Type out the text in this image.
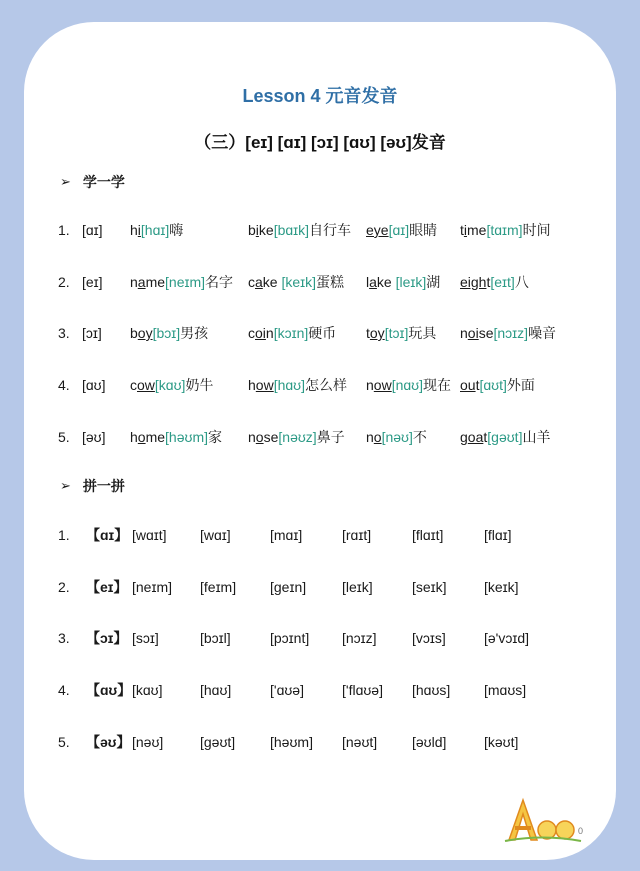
Lesson 4 元音发音
（三）[eɪ] [ɑɪ] [ɔɪ] [ɑʊ] [əʊ]发音
➢ 学一学
1. [ɑɪ] hi[hɑɪ]嗨	bike[bɑɪk]自行车 eye[ɑɪ]眼睛 time[tɑɪm]时间
2. [eɪ] name[neɪm]名字 cake [keɪk]蛋糕 lake [leɪk]湖 eight[eɪt]八
3. [ɔɪ] boy[bɔɪ]男孩	coin[kɔɪn]硬币 toy[tɔɪ]玩具 noise[nɔɪz]噪音
4. [ɑʊ] cow[kɑʊ]奶牛 how[hɑʊ]怎么样 now[nɑʊ]现在 out[ɑʊt]外面
5. [əʊ] home[həʊm]家 nose[nəʊz]鼻子 no[nəʊ]不 goat[gəʊt]山羊
➢ 拼一拼
1. 【ɑɪ】 [wɑɪt] [wɑɪ]	[mɑɪ]	[rɑɪt]	[flɑɪt]	[flɑɪ]
2. 【eɪ】 [neɪm] [feɪm] [geɪn]	[leɪk]	[seɪk]	[keɪk]
3. 【ɔɪ】 [sɔɪ]	[bɔɪl]	[pɔɪnt] [nɔɪz]	[vɔɪs]	[ə'vɔɪd]
4. 【ɑʊ】 [kɑʊ]	[hɑʊ]	['ɑʊə]	['flɑʊə] [hɑʊs] [mɑʊs]
5. 【əʊ】 [nəʊ]	[gəʊt] [həʊm] [nəʊt] [əʊld]	[kəʊt]
0
